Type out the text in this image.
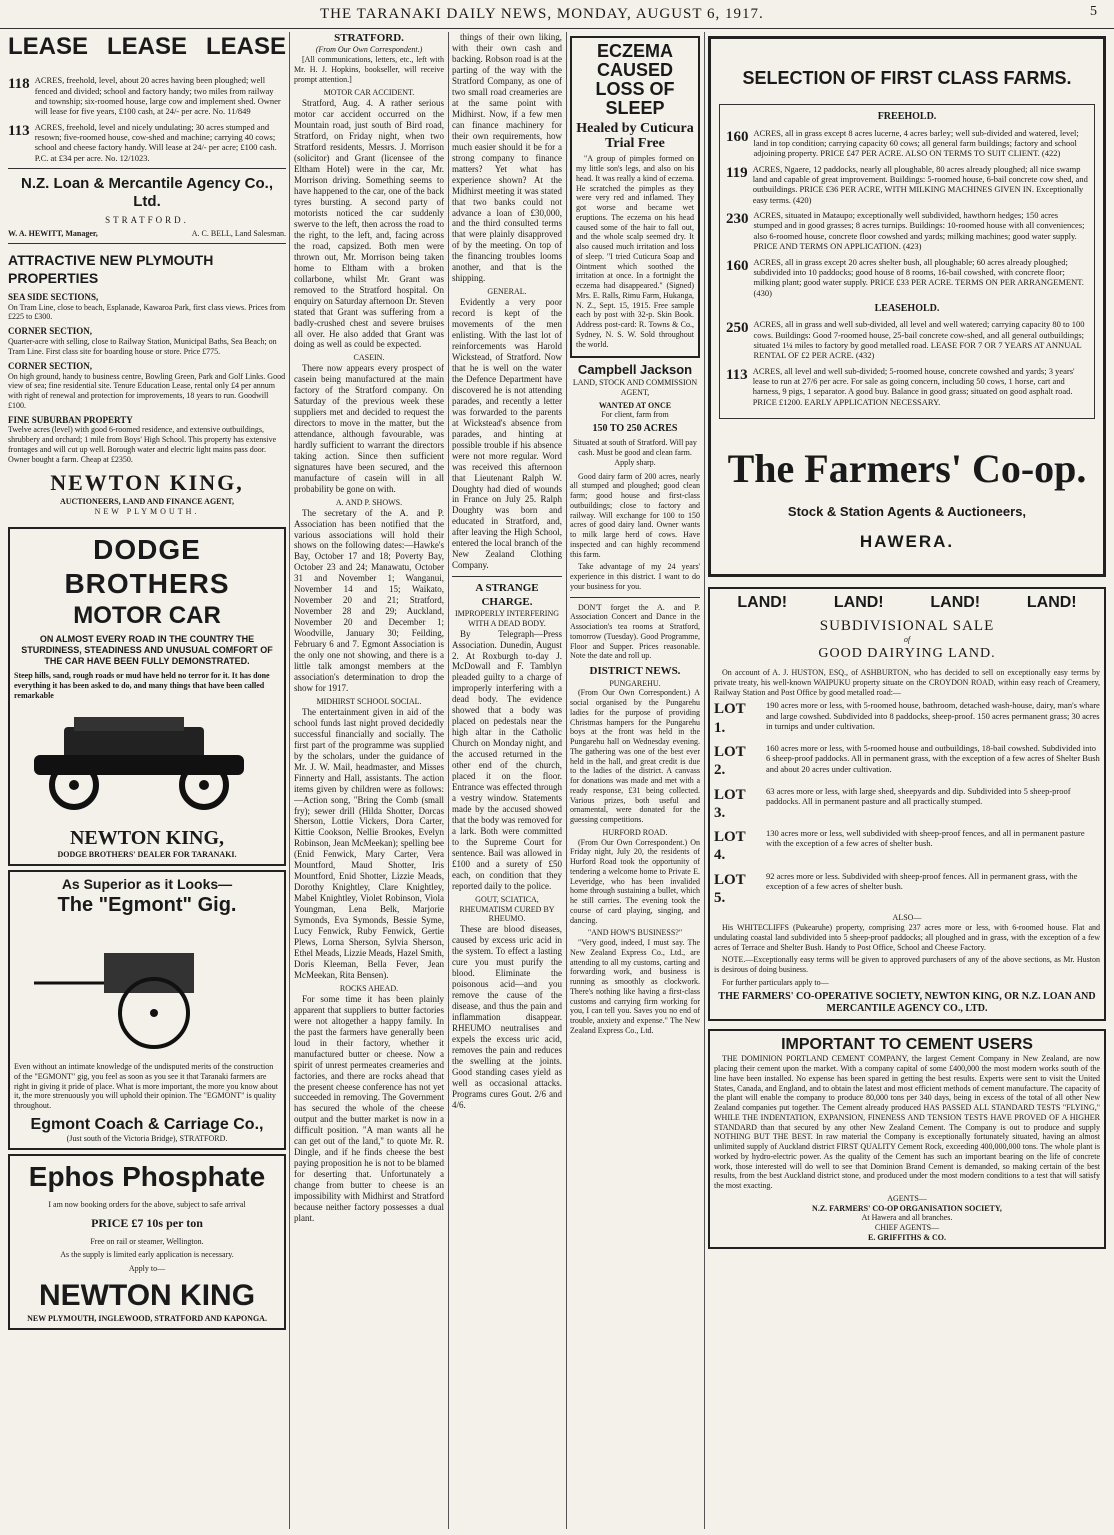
THE TARANAKI DAILY NEWS, MONDAY, AUGUST 6, 1917.	5
LEASE LEASE LEASE
118 ACRES, freehold, level, about 20 acres having been ploughed; well fenced and divided; school and factory handy; two miles from railway and township; six-roomed house, large cow and implement shed. Owner will lease for five years, £100 cash, at 24/- per acre. No. 11/849
113 ACRES, freehold, level and nicely undulating; 30 acres stumped and resown; five-roomed house, cow-shed and machine; carrying 40 cows; school and cheese factory handy. Will lease at 24/- per acre; £100 cash. P.C. at £34 per acre. No. 12/1023.
N.Z. Loan & Mercantile Agency Co., Ltd.
STRATFORD.
W. A. HEWITT, Manager,	A. C. BELL, Land Salesman.
ATTRACTIVE NEW PLYMOUTH PROPERTIES
SEA SIDE SECTIONS,
On Tram Line, close to beach, Esplanade, Kawaroa Park, first class views. Prices from £225 to £300.
CORNER SECTION,
Quarter-acre with selling, close to Railway Station, Municipal Baths, Sea Beach; on Tram Line. First class site for boarding house or store. Price £775.
CORNER SECTION,
On high ground, handy to business centre, Bowling Green, Park and Golf Links. Good view of sea; fine residential site. Tenure Education Lease, rental only £4 per annum with right of renewal and protection for improvements, 18 years to run. Goodwill £100.
FINE SUBURBAN PROPERTY
Twelve acres (level) with good 6-roomed residence, and extensive outbuildings, shrubbery and orchard; 1 mile from Boys' High School. This property has extensive frontages and will cut up well. Borough water and electric light mains pass door. Owner bought a farm. Cheap at £2350.
NEWTON KING,
AUCTIONEERS, LAND AND FINANCE AGENT,
NEW PLYMOUTH.
DODGE BROTHERS
MOTOR CAR
ON ALMOST EVERY ROAD IN THE COUNTRY THE STURDINESS, STEADINESS AND UNUSUAL COMFORT OF THE CAR HAVE BEEN FULLY DEMONSTRATED.
Steep hills, sand, rough roads or mud have held no terror for it. It has done everything it has been asked to do, and many things that have been called remarkable
NEWTON KING,
DODGE BROTHERS' DEALER FOR TARANAKI.
As Superior as it Looks—
The "Egmont" Gig.
Even without an intimate knowledge of the undisputed merits of the construction of the "EGMONT" gig, you feel as soon as you see it that Taranaki farmers are right in giving it pride of place. What is more important, the more you know about it, the more strenuously you will uphold their opinion. The "EGMONT" is quality throughout.
Egmont Coach & Carriage Co.,
(Just south of the Victoria Bridge), STRATFORD.
Ephos Phosphate
I am now booking orders for the above, subject to safe arrival
PRICE £7 10s per ton
Free on rail or steamer, Wellington.
As the supply is limited early application is necessary.
Apply to—
NEWTON KING
NEW PLYMOUTH, INGLEWOOD, STRATFORD AND KAPONGA.
STRATFORD.
(From Our Own Correspondent.)

[All communications, letters, etc., left with Mr. H. J. Hopkins, bookseller, will receive prompt attention.]

MOTOR CAR ACCIDENT.

Stratford, Aug. 4. A rather serious motor car accident occurred on the Mountain road, just south of Bird road, Stratford, on Friday night, when two Stratford residents, Messrs. J. Morrison (solicitor) and Grant (licensee of the Eltham Hotel) were in the car, Mr. Morrison driving. Something seems to have happened to the car, one of the back tyres bursting. A second party of motorists noticed the car suddenly swerve to the left, then across the road to the right, to the left, and, facing across the road, capsized. Both men were thrown out, Mr. Morrison being taken home to Eltham with a broken collarbone, whilst Mr. Grant was removed to the Stratford hospital. On enquiry on Saturday afternoon Dr. Steven stated that Grant was suffering from a badly-crushed chest and severe bruises all over. He also added that Grant was doing as well as could be expected.

CASEIN.

There now appears every prospect of casein being manufactured at the main factory of the Stratford company. On Saturday of the previous week these suppliers met and decided to request the directors to move in the matter, but the attendance, although favourable, was hardly sufficient to warrant the directors taking action. Since then sufficient signatures have been secured, and the manufacture of casein will in all probability be gone on with.

A. AND P. SHOWS.

The secretary of the A. and P. Association has been notified that the various associations will hold their shows on the following dates:—Hawke's Bay, October 17 and 18; Poverty Bay, October 23 and 24; Manawatu, October 31 and November 1; Wanganui, November 14 and 15; Waikato, November 20 and 21; Stratford, November 28 and 29; Auckland, November 20 and December 1; Woodville, January 30; Feilding, February 6 and 7. Egmont Association is the only one not showing, and there is a little talk amongst members at the association's determination to drop the show for 1917.

MIDHIRST SCHOOL SOCIAL.

The entertainment given in aid of the school funds last night proved decidedly successful financially and socially. The first part of the programme was supplied by the scholars, under the guidance of Mr. J. W. Mail, headmaster, and Misses Finnerty and Hall, assistants. The action items given by children were as follows:—Action song, "Bring the Comb (small fry); sewer drill (Hilda Shotter, Dorcas Sherson, Lottie Vickers, Dora Carter, Kittie Cookson, Nellie Brookes, Evelyn Robinson, Jean McMeekan); spelling bee (Enid Fenwick, Mary Carter, Vera Mountford, Maud Shotter, Iris Mountford, Enid Shotter, Lizzie Meads, Dorothy Knightley, Clare Knightley, Mabel Knightley, Violet Robinson, Viola Youngman, Lena Belk, Marjorie Symonds, Eva Symonds, Bessie Syme, Lucy Fenwick, Ruby Fenwick, Gertie Plews, Lorna Sherson, Sylvia Sherson, Ethel Meads, Lizzie Meads, Hazel Smith, Doris Kleeman, Bella Fever, Jean McMeekan, Rita Bensen).

ROCKS AHEAD.

For some time it has been plainly apparent that suppliers to butter factories were not altogether a happy family. In the past the farmers have generally been loud in their factory, whether it manufactured butter or cheese. Now a spirit of unrest permeates creameries and factories, and there are rocks ahead that the present cheese conference has not yet succeeded in removing. The Government has secured the whole of the cheese output and the butter market is now in a difficult position. "A man wants all he can get out of the land," to quote Mr. R. Dingle, and if he finds cheese the best paying proposition he is not to be blamed for deserting that. Unfortunately a change from butter to cheese is an impossibility with Midhirst and Stratford because neither factory possesses a dual plant.

things of their own liking, with their own cash and backing. Robson road is at the parting of the way with the Stratford Company, as one of two small road creameries are at the same point with Midhirst. Now, if a few men can finance machinery for their own requirements, how much easier should it be for a strong company to finance matters? Yet what has experience shown? At the Midhirst meeting it was stated that two banks could not advance a loan of £30,000, and the third consulted terms that were plainly disapproved of by the meeting. On top of the financing troubles looms another, and that is the shipping.

GENERAL.

Evidently a very poor record is kept of the movements of the men enlisting. With the last lot of reinforcements was Harold Wickstead, of Stratford. Now that he is well on the water the Defence Department have discovered he is not attending parades, and recently a letter was forwarded to the parents at Wickstead's absence from parades, and hinting at possible trouble if his absence were not more regular. Word was received this afternoon that Lieutenant Ralph W. Doughty had died of wounds in France on July 25. Ralph Doughty was born and educated in Stratford, and, after leaving the High School, entered the local branch of the New Zealand Clothing Company.

A STRANGE CHARGE.
IMPROPERLY INTERFERING WITH A DEAD BODY.

By Telegraph—Press Association. Dunedin, August 2. At Roxburgh to-day J. McDowall and F. Tamblyn pleaded guilty to a charge of improperly interfering with a dead body. The evidence showed that a body was placed on pedestals near the high altar in the Catholic Church on Monday night, and the accused returned in the other end of the church, placed it on the floor. Entrance was effected through a vestry window. Statements made by the accused showed that the body was removed for a lark. Both were committed to the Supreme Court for sentence. Bail was allowed in £100 and a surety of £50 each, on condition that they reported daily to the police.

GOUT, SCIATICA, RHEUMATISM CURED BY RHEUMO.

These are blood diseases, caused by excess uric acid in the system. To effect a lasting cure you must purify the blood. Eliminate the poisonous acid—and you remove the cause of the disease, and thus the pain and inflammation disappear. RHEUMO neutralises and expels the excess uric acid, removes the pain and reduces the swelling at the joints. Good standing cases yield as well as occasional attacks. Programs cures Gout. 2/6 and 4/6.

ECZEMA CAUSED LOSS OF SLEEP
Healed by Cuticura Trial Free

"A group of pimples formed on my little son's legs, and also on his head. It was really a kind of eczema. He scratched the pimples as they were very red and inflamed. They got worse and became wet eruptions. The eczema on his head caused some of the hair to fall out, and the whole scalp seemed dry. It also caused much irritation and loss of sleep. "I tried Cuticura Soap and Ointment which soothed the irritation at once. In a fortnight the eczema had disappeared." (Signed) Mrs. E. Ralls, Rimu Farm, Hukanga, N. Z., Sept. 15, 1915. Free sample each by post with 32-p. Skin Book. Address post-card: R. Towns & Co., Sydney, N. S. W. Sold throughout the world.

Campbell Jackson
LAND, STOCK AND COMMISSION AGENT,
WANTED AT ONCE
For client, farm from
150 TO 250 ACRES
Situated at south of Stratford. Will pay cash. Must be good and clean farm. Apply sharp.

Good dairy farm of 200 acres, nearly all stumped and ploughed; good clean farm; good house and first-class outbuildings; close to factory and railway. Will exchange for 100 to 150 acres of good dairy land. Owner wants to milk large herd of cows. Have inspected and can highly recommend this farm.

Take advantage of my 24 years' experience in this district. I want to do your business for you.

DON'T forget the A. and P. Association Concert and Dance in the Association's tea rooms at Stratford, tomorrow (Tuesday). Good Programme, Floor and Supper. Prices reasonable. Note the date and roll up.

DISTRICT NEWS.
PUNGAREHU.

(From Our Own Correspondent.) A social organised by the Pungarehu ladies for the purpose of providing Christmas hampers for the Pungarehu boys at the front was held in the Pungarehu hall on Wednesday evening. The gathering was one of the best ever held in the hall, and great credit is due to the ladies of the district. A canvass for donations was made and met with a ready response, £31 being collected. Various prizes, both useful and ornamental, were donated for the guessing competitions.

HURFORD ROAD.

(From Our Own Correspondent.) On Friday night, July 20, the residents of Hurford Road took the opportunity of tendering a welcome home to Private E. Leveridge, who has been invalided home through sustaining a bullet, which he still carries. The evening took the course of card playing, singing, and dancing.

"AND HOW'S BUSINESS?"

"Very good, indeed, I must say. The New Zealand Express Co., Ltd., are attending to all my customs, carting and forwarding work, and business is running as smoothly as clockwork. There's nothing like having a first-class customs and carrying firm working for you, I can tell you. Saves you no end of trouble, anxiety and expense." The New Zealand Express Co., Ltd.

SELECTION OF FIRST CLASS FARMS.
FREEHOLD.
160 ACRES, all in grass except 8 acres lucerne, 4 acres barley; well sub-divided and watered, level; land in top condition; carrying capacity 60 cows; all general farm buildings; factory and school adjoining property. PRICE £47 PER ACRE. ALSO ON TERMS TO SUIT CLIENT. (422)
119 ACRES, Ngaere, 12 paddocks, nearly all ploughable, 80 acres already ploughed; all nice swamp land and capable of great improvement. Buildings: 5-roomed house, 6-bail concrete cow shed, and outbuildings. PRICE £36 PER ACRE, WITH MILKING MACHINES GIVEN IN. Exceptionally easy terms. (420)
230 ACRES, situated in Mataupo; exceptionally well subdivided, hawthorn hedges; 150 acres stumped and in good grasses; 8 acres turnips. Buildings: 10-roomed house with all conveniences; also 6-roomed house, concrete floor cowshed and yards; milking machines; good water supply. PRICE AND TERMS ON APPLICATION. (423)
160 ACRES, all in grass except 20 acres shelter bush, all ploughable; 60 acres already ploughed; subdivided into 10 paddocks; good house of 8 rooms, 16-bail cowshed, with concrete floor; milking plant; good water supply. PRICE £33 PER ACRE. TERMS ON PER ARRANGEMENT. (430)
LEASEHOLD.
250 ACRES, all in grass and well sub-divided, all level and well watered; carrying capacity 80 to 100 cows. Buildings: Good 7-roomed house, 25-bail concrete cow-shed, and all general outbuildings; situated 1¼ miles to factory by good metalled road. LEASE FOR 7 OR 7 YEARS AT ANNUAL RENTAL OF £2 PER ACRE. (432)
113 ACRES, all level and well sub-divided; 5-roomed house, concrete cowshed and yards; 3 years' lease to run at 27/6 per acre. For sale as going concern, including 50 cows, 1 horse, cart and harness, 9 pigs, 1 separator. A good buy. Balance in good grass; situated on good asphalt road. PRICE £1200. EARLY APPLICATION NECESSARY.
The Farmers' Co-op.
Stock & Station Agents & Auctioneers,
HAWERA.
LAND!	LAND!	LAND!	LAND!
SUBDIVISIONAL SALE
of
GOOD DAIRYING LAND.

On account of A. J. HUSTON, ESQ., of ASHBURTON, who has decided to sell on exceptionally easy terms by private treaty, his well-known WAIPUKU property situate on the CROYDON ROAD, within easy reach of Creamery, Railway Station and Post Office by good metalled road:—

LOT 1.
190 acres more or less, with 5-roomed house, bathroom, detached wash-house, dairy, man's whare and large cowshed. Subdivided into 8 paddocks, sheep-proof. 150 acres permanent grass; 30 acres in turnips and under cultivation.
LOT 2.
160 acres more or less, with 5-roomed house and outbuildings, 18-bail cowshed. Subdivided into 6 sheep-proof paddocks. All in permanent grass, with the exception of a few acres of Shelter Bush and about 20 acres under cultivation.
LOT 3.
63 acres more or less, with large shed, sheepyards and dip. Subdivided into 5 sheep-proof paddocks. All in permanent pasture and all practically stumped.
LOT 4.
130 acres more or less, well subdivided with sheep-proof fences, and all in permanent pasture with the exception of a few acres of shelter bush.
LOT 5.
92 acres more or less. Subdivided with sheep-proof fences. All in permanent grass, with the exception of a few acres of shelter bush.
ALSO—

His WHITECLIFFS (Pukearuhe) property, comprising 237 acres more or less, with 6-roomed house. Flat and undulating coastal land subdivided into 5 sheep-proof paddocks; all ploughed and in grass, with the exception of a few acres of Terrace and Shelter Bush. Handy to Post Office, School and Cheese Factory.

NOTE.—Exceptionally easy terms will be given to approved purchasers of any of the above sections, as Mr. Huston is desirous of doing business.

For further particulars apply to—

THE FARMERS' CO-OPERATIVE SOCIETY, NEWTON KING, OR N.Z. LOAN AND MERCANTILE AGENCY CO., LTD.
IMPORTANT TO CEMENT USERS

THE DOMINION PORTLAND CEMENT COMPANY, the largest Cement Company in New Zealand, are now placing their cement upon the market. With a company capital of some £400,000 the most modern works south of the line have been installed. No expense has been spared in getting the best results. Experts were sent to visit the United States, Canada, and England, and to obtain the latest and most efficient methods of cement manufacture. The capacity of the plant will enable the company to produce 80,000 tons per 340 days, being in excess of the total of all other New Zealand companies put together. The Cement already produced HAS PASSED ALL STANDARD TESTS "FLYING," WHILE THE INDENTATION, EXPANSION, FINENESS AND TENSION TESTS HAVE PROVED OF A HIGHER STANDARD than that secured by any other New Zealand Cement. The Company is out to produce and supply NOTHING BUT THE BEST. In raw material the Company is exceptionally fortunately situated, having an almost unlimited supply of Auckland district FIRST QUALITY Cement Rock, exceeding 400,000,000 tons. The whole plant is worked by hydro-electric power. As the quality of the Cement has such an important bearing on the life of concrete work, those interested will do well to see that Dominion Brand Cement is demanded, so making certain of the best results, from the best Auckland district stone, and produced under the most modern conditions to a test that will satisfy the most exacting.

AGENTS—
N.Z. FARMERS' CO-OP ORGANISATION SOCIETY,
At Hawera and all branches.
CHIEF AGENTS—
E. GRIFFITHS & CO.
